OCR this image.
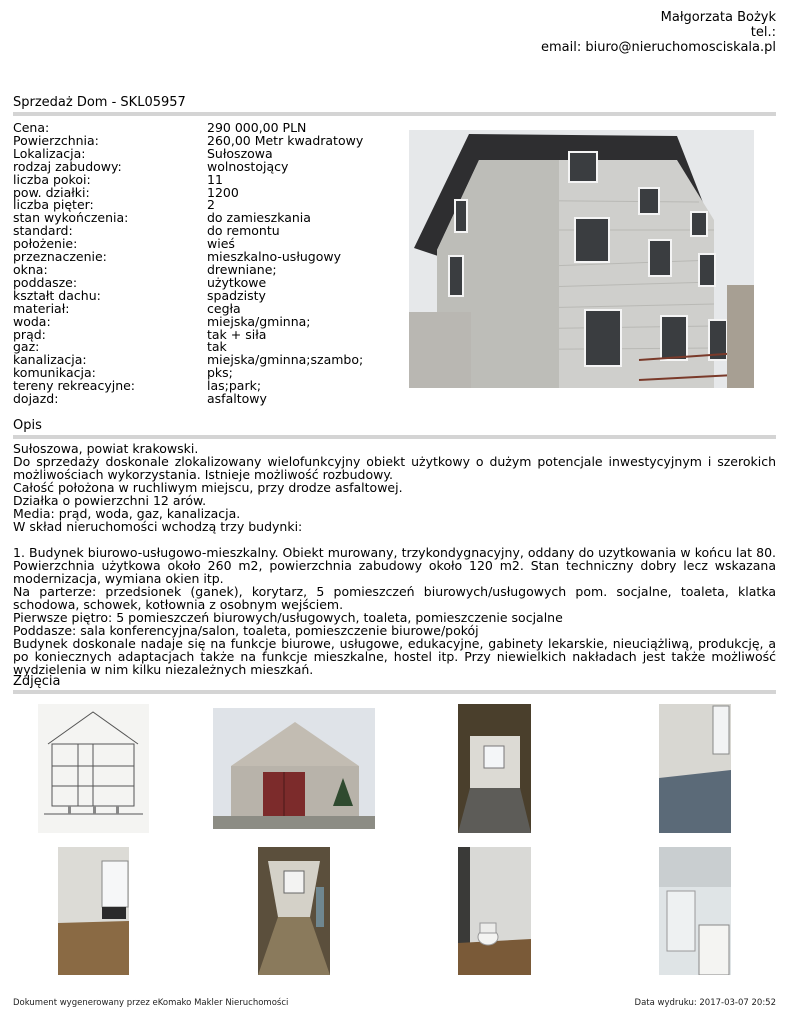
Małgorzata Bożyk
tel.:
email: biuro@nieruchomosciskala.pl
Sprzedaż Dom - SKL05957
Cena:	290 000,00 PLN
Powierzchnia:	260,00 Metr kwadratowy
Lokalizacja:	Sułoszowa
rodzaj zabudowy:	wolnostojący
liczba pokoi:	11
pow. działki:	1200
liczba pięter:	2
stan wykończenia:	do zamieszkania
standard:	do remontu
położenie:	wieś
przeznaczenie:	mieszkalno-usługowy
okna:	drewniane;
poddasze:	użytkowe
kształt dachu:	spadzisty
materiał:	cegła
woda:	miejska/gminna;
prąd:	tak + siła
gaz:	tak
kanalizacja:	miejska/gminna;szambo;
komunikacja:	pks;
tereny rekreacyjne:	las;park;
dojazd:	asfaltowy
Opis

Sułoszowa, powiat krakowski.

Do sprzedaży doskonale zlokalizowany wielofunkcyjny obiekt użytkowy o dużym potencjale inwestycyjnym i szerokich możliwościach wykorzystania. Istnieje możliwość rozbudowy.

Całość położona w ruchliwym miejscu, przy drodze asfaltowej.

Działka o powierzchni 12 arów.

Media: prąd, woda, gaz, kanalizacja.

W skład nieruchomości wchodzą trzy budynki:

1. Budynek biurowo-usługowo-mieszkalny. Obiekt murowany, trzykondygnacyjny, oddany do uzytkowania w końcu lat 80. Powierzchnia użytkowa około 260 m2, powierzchnia zabudowy około 120 m2. Stan techniczny dobry lecz wskazana modernizacja, wymiana okien itp.

Na parterze: przedsionek (ganek), korytarz, 5 pomieszczeń biurowych/usługowych pom. socjalne, toaleta, klatka schodowa, schowek, kotłownia z osobnym wejściem.

Pierwsze piętro: 5 pomieszczeń biurowych/usługowych, toaleta, pomieszczenie socjalne

Poddasze: sala konferencyjna/salon, toaleta, pomieszczenie biurowe/pokój

Budynek doskonale nadaje się na funkcje biurowe, usługowe, edukacyjne, gabinety lekarskie, nieuciążliwą, produkcję, a po koniecznych adaptacjach także na funkcje mieszkalne, hostel itp. Przy niewielkich nakładach jest także możliwość wydzielenia w nim kilku niezależnych mieszkań.

Zdjęcia
Dokument wygenerowany przez eKomako Makler Nieruchomości	Data wydruku: 2017-03-07 20:52
